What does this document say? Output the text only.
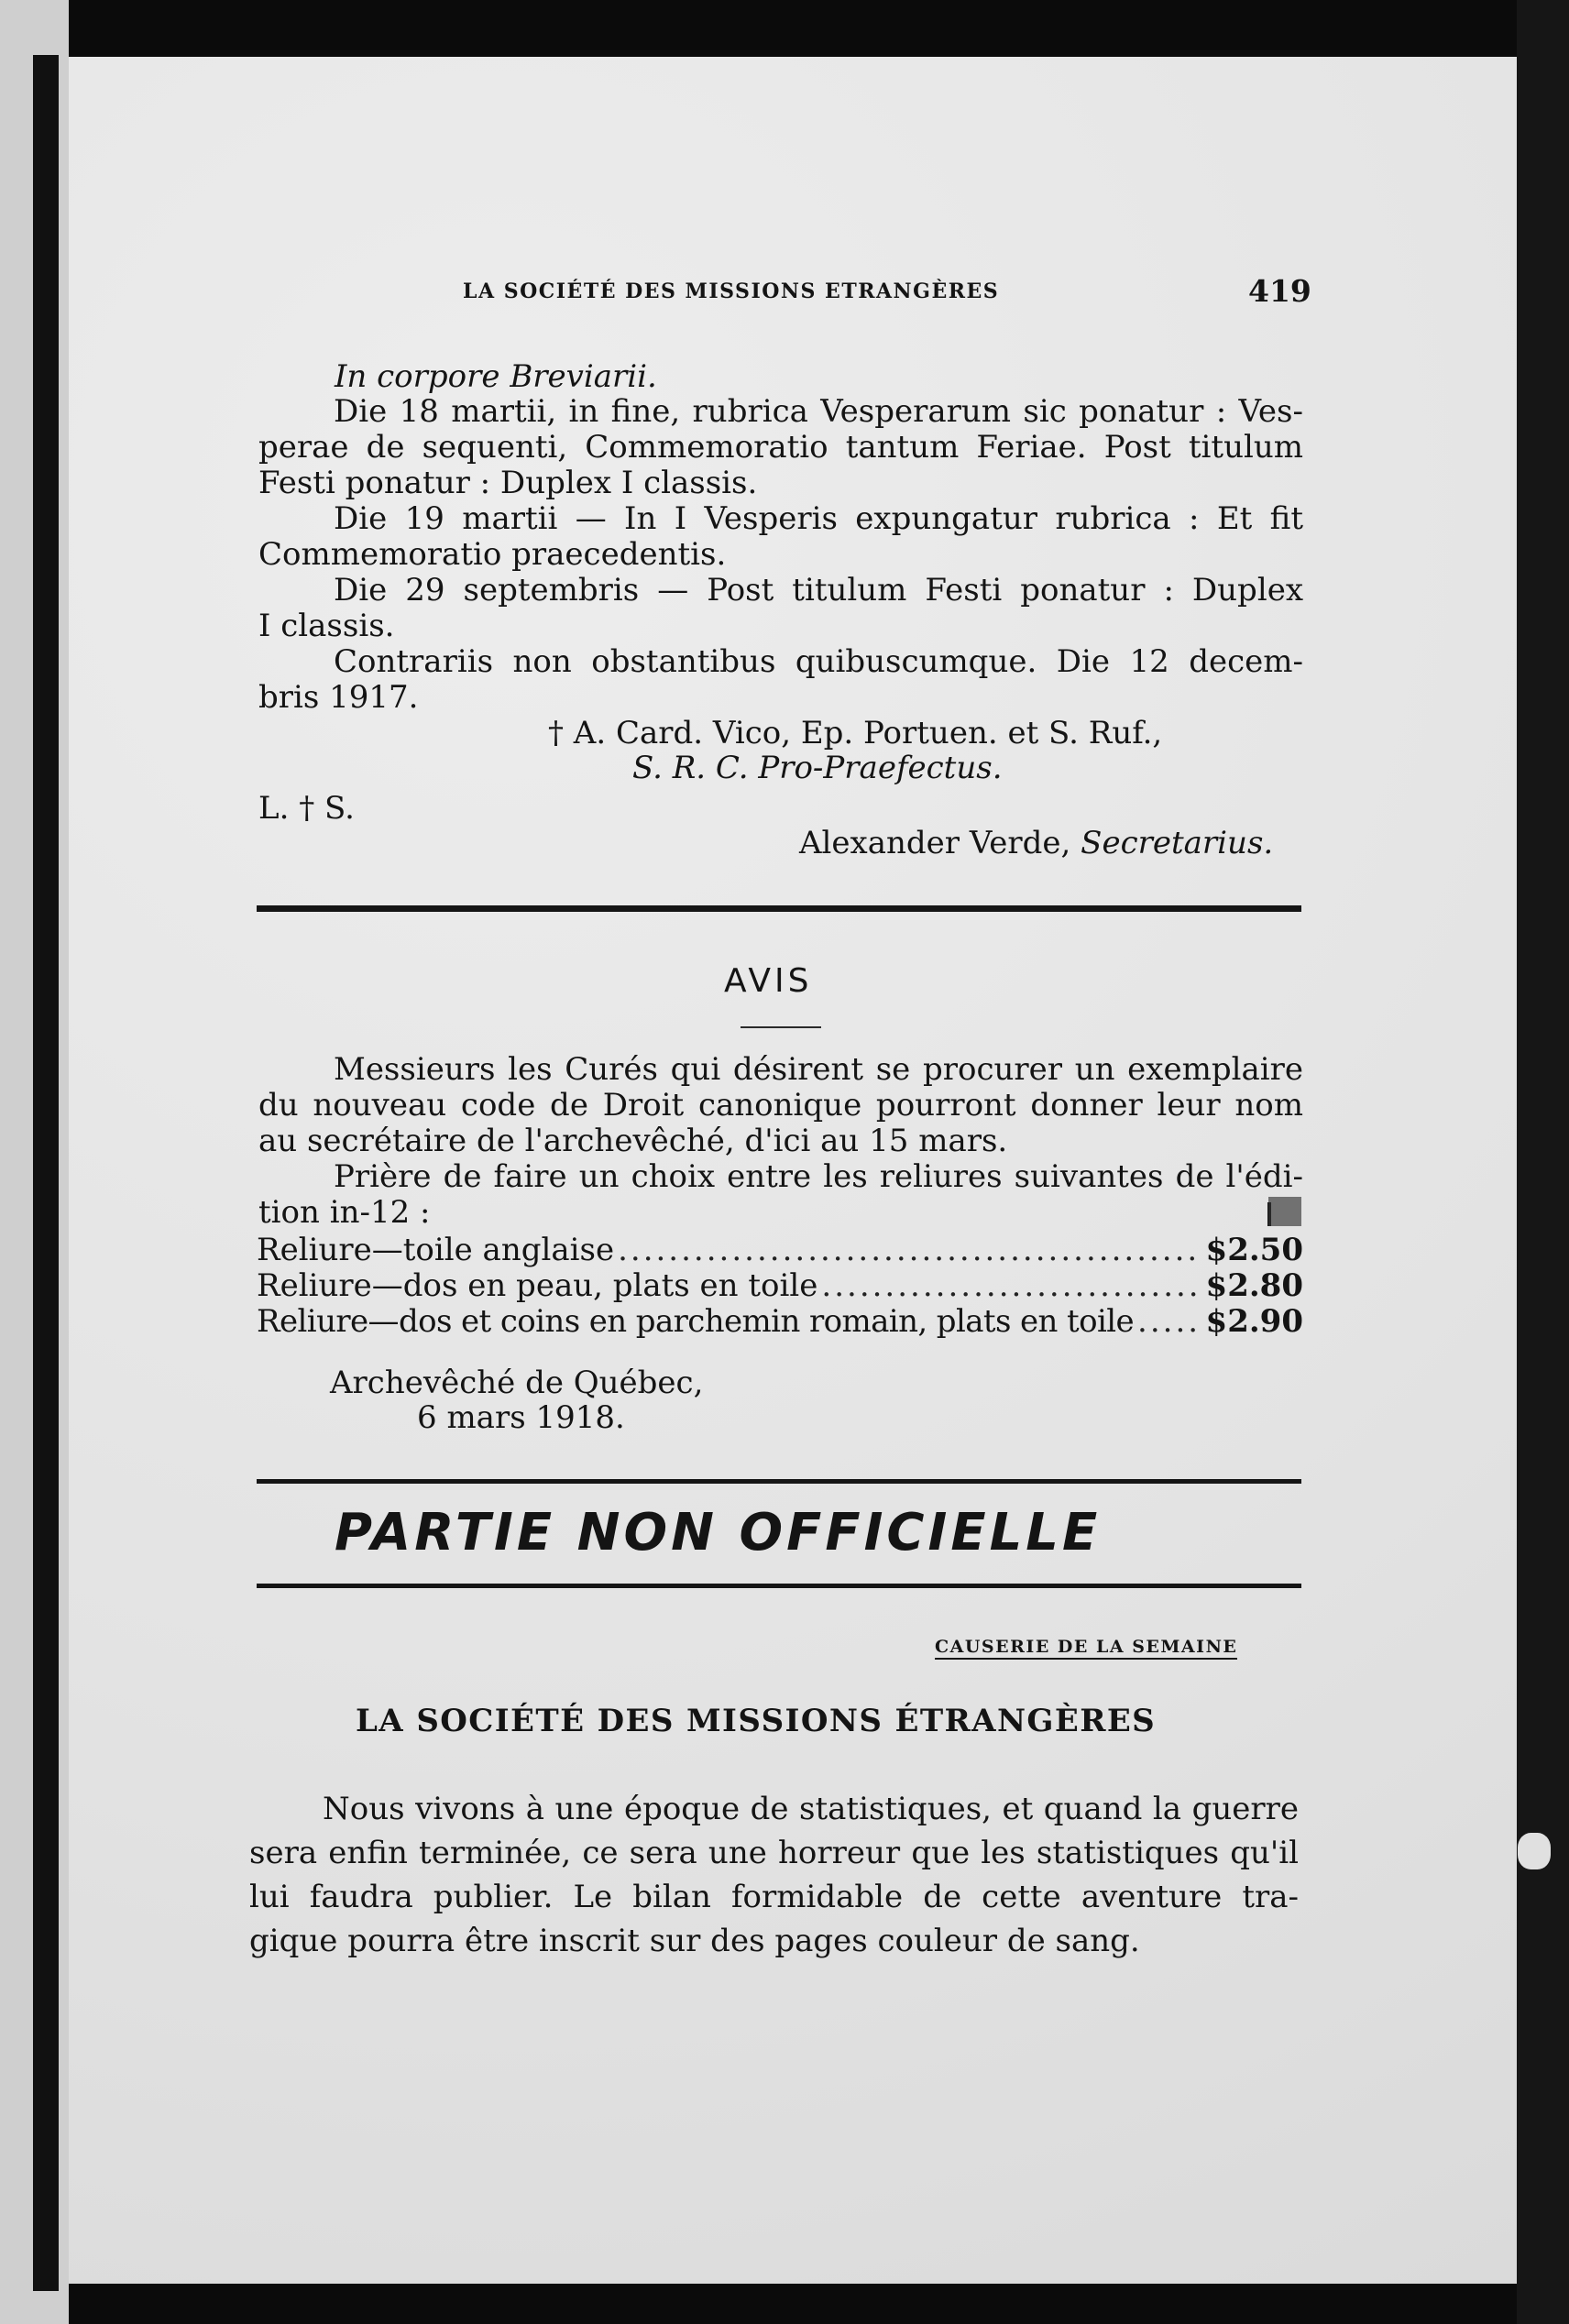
LA SOCIÉTÉ DES MISSIONS ETRANGÈRES	419
In corpore Breviarii.
Die 18 martii, in fine, rubrica Vesperarum sic ponatur : Ves-
perae de sequenti, Commemoratio tantum Feriae. Post titulum
Festi ponatur : Duplex I classis.
Die 19 martii — In I Vesperis expungatur rubrica : Et fit
Commemoratio praecedentis.
Die 29 septembris — Post titulum Festi ponatur : Duplex
I classis.
Contrariis non obstantibus quibuscumque. Die 12 decem-
bris 1917.
† A. Card. Vico, Ep. Portuen. et S. Ruf.,
S. R. C. Pro-Praefectus.
L. † S.
Alexander Verde, Secretarius.
AVIS
Messieurs les Curés qui désirent se procurer un exemplaire
du nouveau code de Droit canonique pourront donner leur nom
au secrétaire de l'archevêché, d'ici au 15 mars.
Prière de faire un choix entre les reliures suivantes de l'édi-
tion in-12 :
Reliure—toile anglaise .....	$2.50
Reliure—dos en peau, plats en toile .....	$2.80
Reliure—dos et coins en parchemin romain, plats en toile ..... $2.90
Archevêché de Québec,
6 mars 1918.
PARTIE NON OFFICIELLE
CAUSERIE DE LA SEMAINE
LA SOCIÉTÉ DES MISSIONS ÉTRANGÈRES
Nous vivons à une époque de statistiques, et quand la guerre
sera enfin terminée, ce sera une horreur que les statistiques qu'il
lui faudra publier. Le bilan formidable de cette aventure tra-
gique pourra être inscrit sur des pages couleur de sang.
